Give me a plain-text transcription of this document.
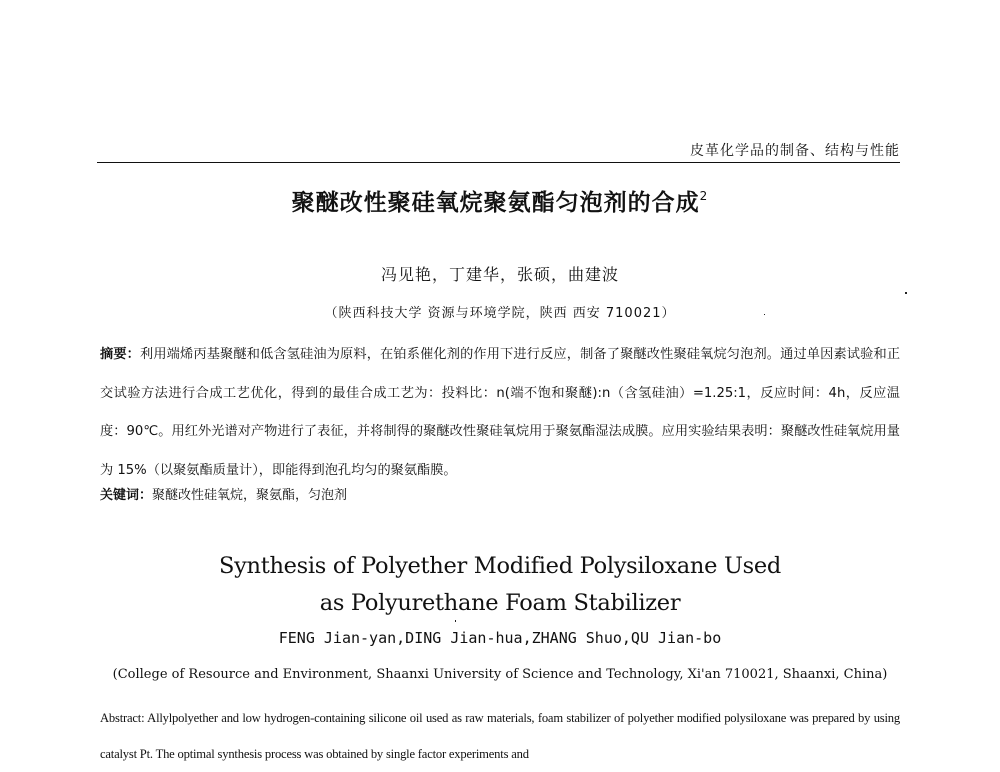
皮革化学品的制备、结构与性能
聚醚改性聚硅氧烷聚氨酯匀泡剂的合成$^2$
冯见艳，丁建华，张硕，曲建波
（陕西科技大学 资源与环境学院，陕西 西安 710021）
摘要：利用端烯丙基聚醚和低含氢硅油为原料，在铂系催化剂的作用下进行反应，制备了聚醚改性聚硅氧烷匀泡剂。通过单因素试验和正交试验方法进行合成工艺优化，得到的最佳合成工艺为：投料比：n(端不饱和聚醚):n（含氢硅油）=1.25:1，反应时间：4h，反应温度：90℃。用红外光谱对产物进行了表征，并将制得的聚醚改性聚硅氧烷用于聚氨酯湿法成膜。应用实验结果表明：聚醚改性硅氧烷用量为 15%（以聚氨酯质量计），即能得到泡孔均匀的聚氨酯膜。
关键词：聚醚改性硅氧烷，聚氨酯，匀泡剂
Synthesis of Polyether Modified Polysiloxane Used
as Polyurethane Foam Stabilizer
FENG Jian-yan,DING Jian-hua,ZHANG Shuo,QU Jian-bo
(College of Resource and Environment, Shaanxi University of Science and Technology, Xi'an 710021, Shaanxi, China)
Abstract: Allylpolyether and low hydrogen-containing silicone oil used as raw materials, foam stabilizer of polyether modified polysiloxane was prepared by using catalyst Pt. The optimal synthesis process was obtained by single factor experiments and
